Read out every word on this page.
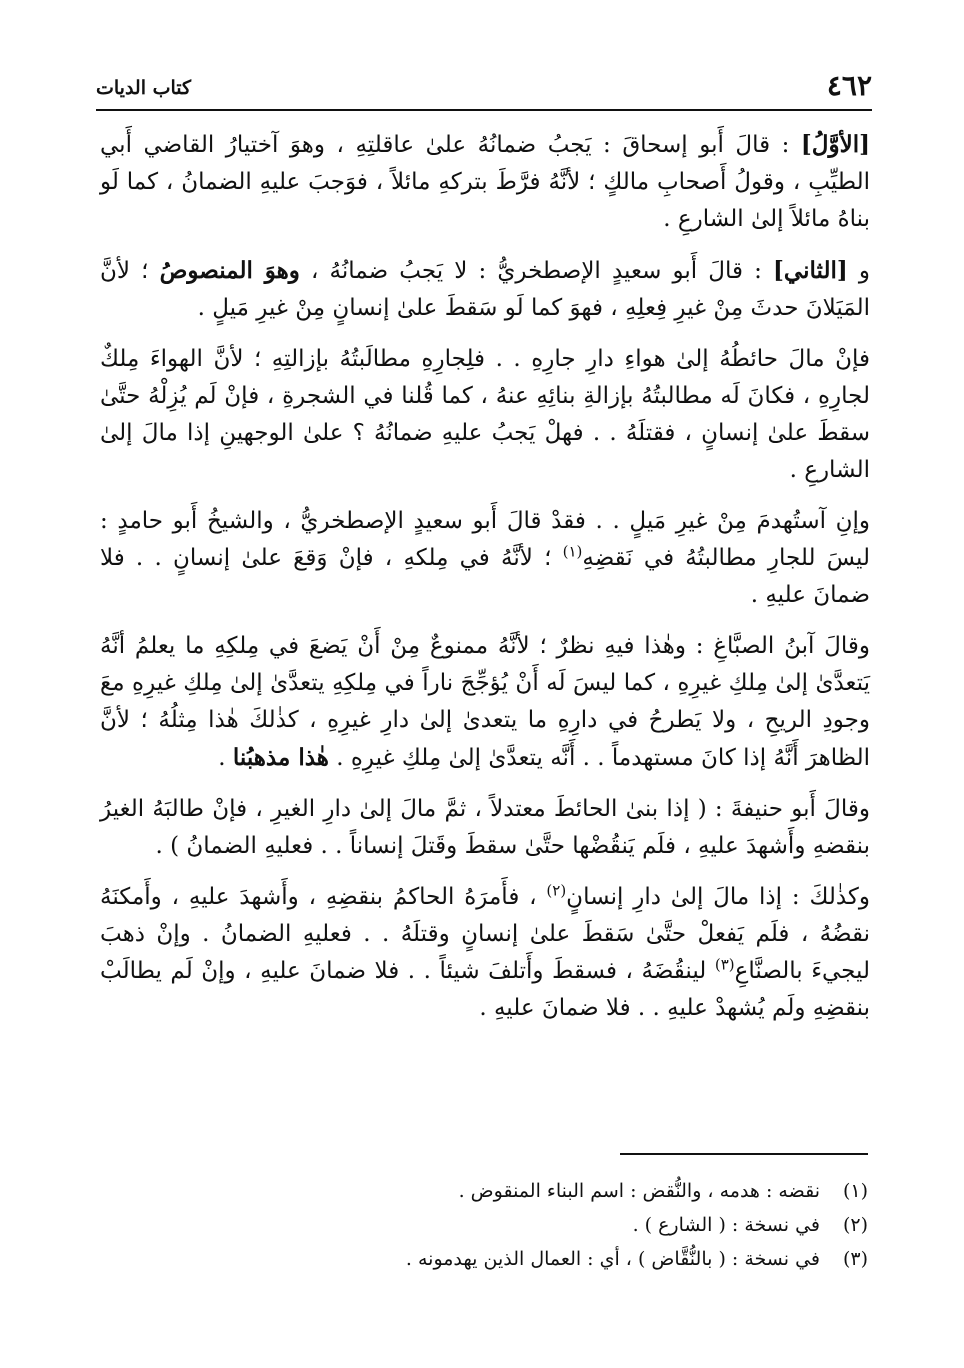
٤٦٢
كتاب الديات

[الأوَّلُ] : قالَ أَبو إسحاقَ : يَجبُ ضمانُهُ علىٰ عاقلتِهِ ، وهوَ آختيارُ القاضي أَبي الطيِّبِ ، وقولُ أَصحابِ مالكٍ ؛ لأنَّهُ فرَّطَ بتركهِ مائلاً ، فوَجبَ عليهِ الضمانُ ، كما لَو بناهُ مائلاً إلىٰ الشارعِ .

و [الثاني] : قالَ أَبو سعيدٍ الإصطخريُّ : لا يَجبُ ضمانُهُ ، وهوَ المنصوصُ ؛ لأنَّ المَيَلانَ حدثَ مِنْ غيرِ فِعلِهِ ، فهوَ كما لَو سَقطَ علىٰ إنسانٍ مِنْ غيرِ مَيلٍ .

فإنْ مالَ حائطُهُ إلىٰ هواءِ دارِ جارِهِ . . فلِجارِهِ مطالَبتُهُ بإزالتِهِ ؛ لأنَّ الهواءَ مِلكٌ لجارِهِ ، فكانَ لَه مطالبتُهُ بإزالةِ بنائِهِ عنهُ ، كما قُلنا في الشجرةِ ، فإنْ لَم يُزِلْهُ حتَّىٰ سقطَ علىٰ إنسانٍ ، فقتلَهُ . . فهلْ يَجبُ عليهِ ضمانُهُ ؟ علىٰ الوجهينِ إذا مالَ إلىٰ الشارعِ .

وإنِ آستُهدمَ مِنْ غيرِ مَيلٍ . . فقدْ قالَ أَبو سعيدٍ الإصطخريُّ ، والشيخُ أَبو حامدٍ : ليسَ للجارِ مطالبتُهُ في نَقضِهِ$^{(١)}$ ؛ لأنَّهُ في مِلكهِ ، فإنْ وَقعَ علىٰ إنسانٍ . . فلا ضمانَ عليهِ .

وقالَ آبنُ الصبَّاغِ : وهٰذا فيهِ نظرٌ ؛ لأنَّهُ ممنوعٌ مِنْ أَنْ يَضعَ في مِلكِهِ ما يعلمُ أنَّهُ يَتعدَّىٰ إلىٰ مِلكِ غيرِهِ ، كما ليسَ لَه أَنْ يُؤجِّجَ ناراً في مِلكِهِ يتعدَّىٰ إلىٰ مِلكِ غيرِهِ معَ وجودِ الريحِ ، ولا يَطرحُ في دارِهِ ما يتعدىٰ إلىٰ دارِ غيرِهِ ، كذٰلكَ هٰذا مِثلُهُ ؛ لأنَّ الظاهرَ أَنَّهُ إذا كانَ مستهدماً . . أَنَّه يتعدَّىٰ إلىٰ مِلكِ غيرِهِ . هٰذا مذهبُنا .

وقالَ أَبو حنيفةَ : ( إذا بنىٰ الحائطَ معتدلاً ، ثمَّ مالَ إلىٰ دارِ الغيرِ ، فإنْ طالبَهُ الغيرُ بنقضهِ وأَشهدَ عليهِ ، فلَم يَنقُضْها حتَّىٰ سقطَ وقَتلَ إنساناً . . فعليهِ الضمانُ ) .

وكذٰلكَ : إذا مالَ إلىٰ دارِ إنسانٍ$^{(٢)}$ ، فأَمرَهُ الحاكمُ بنقضِهِ ، وأَشهدَ عليهِ ، وأَمكنَهُ نقضُهُ ، فلَم يَفعلْ حتَّىٰ سَقطَ علىٰ إنسانٍ وقتلَهُ . . فعليهِ الضمانُ . وإنْ ذهبَ ليجيءَ بالصنَّاعِ$^{(٣)}$ لينقُضَهُ ، فسقطَ وأَتلفَ شيئاً . . فلا ضمانَ عليهِ ، وإنْ لَم يطالَبْ بنقضِهِ ولَم يُشهدْ عليهِ . . فلا ضمانَ عليهِ .

(١)
نقضه : هدمه ، والنُّقض : اسم البناء المنقوض .
(٢)
في نسخة : ( الشارع ) .
(٣)
في نسخة : ( بالنُّقَّاض ) ، أي : العمال الذين يهدمونه .
